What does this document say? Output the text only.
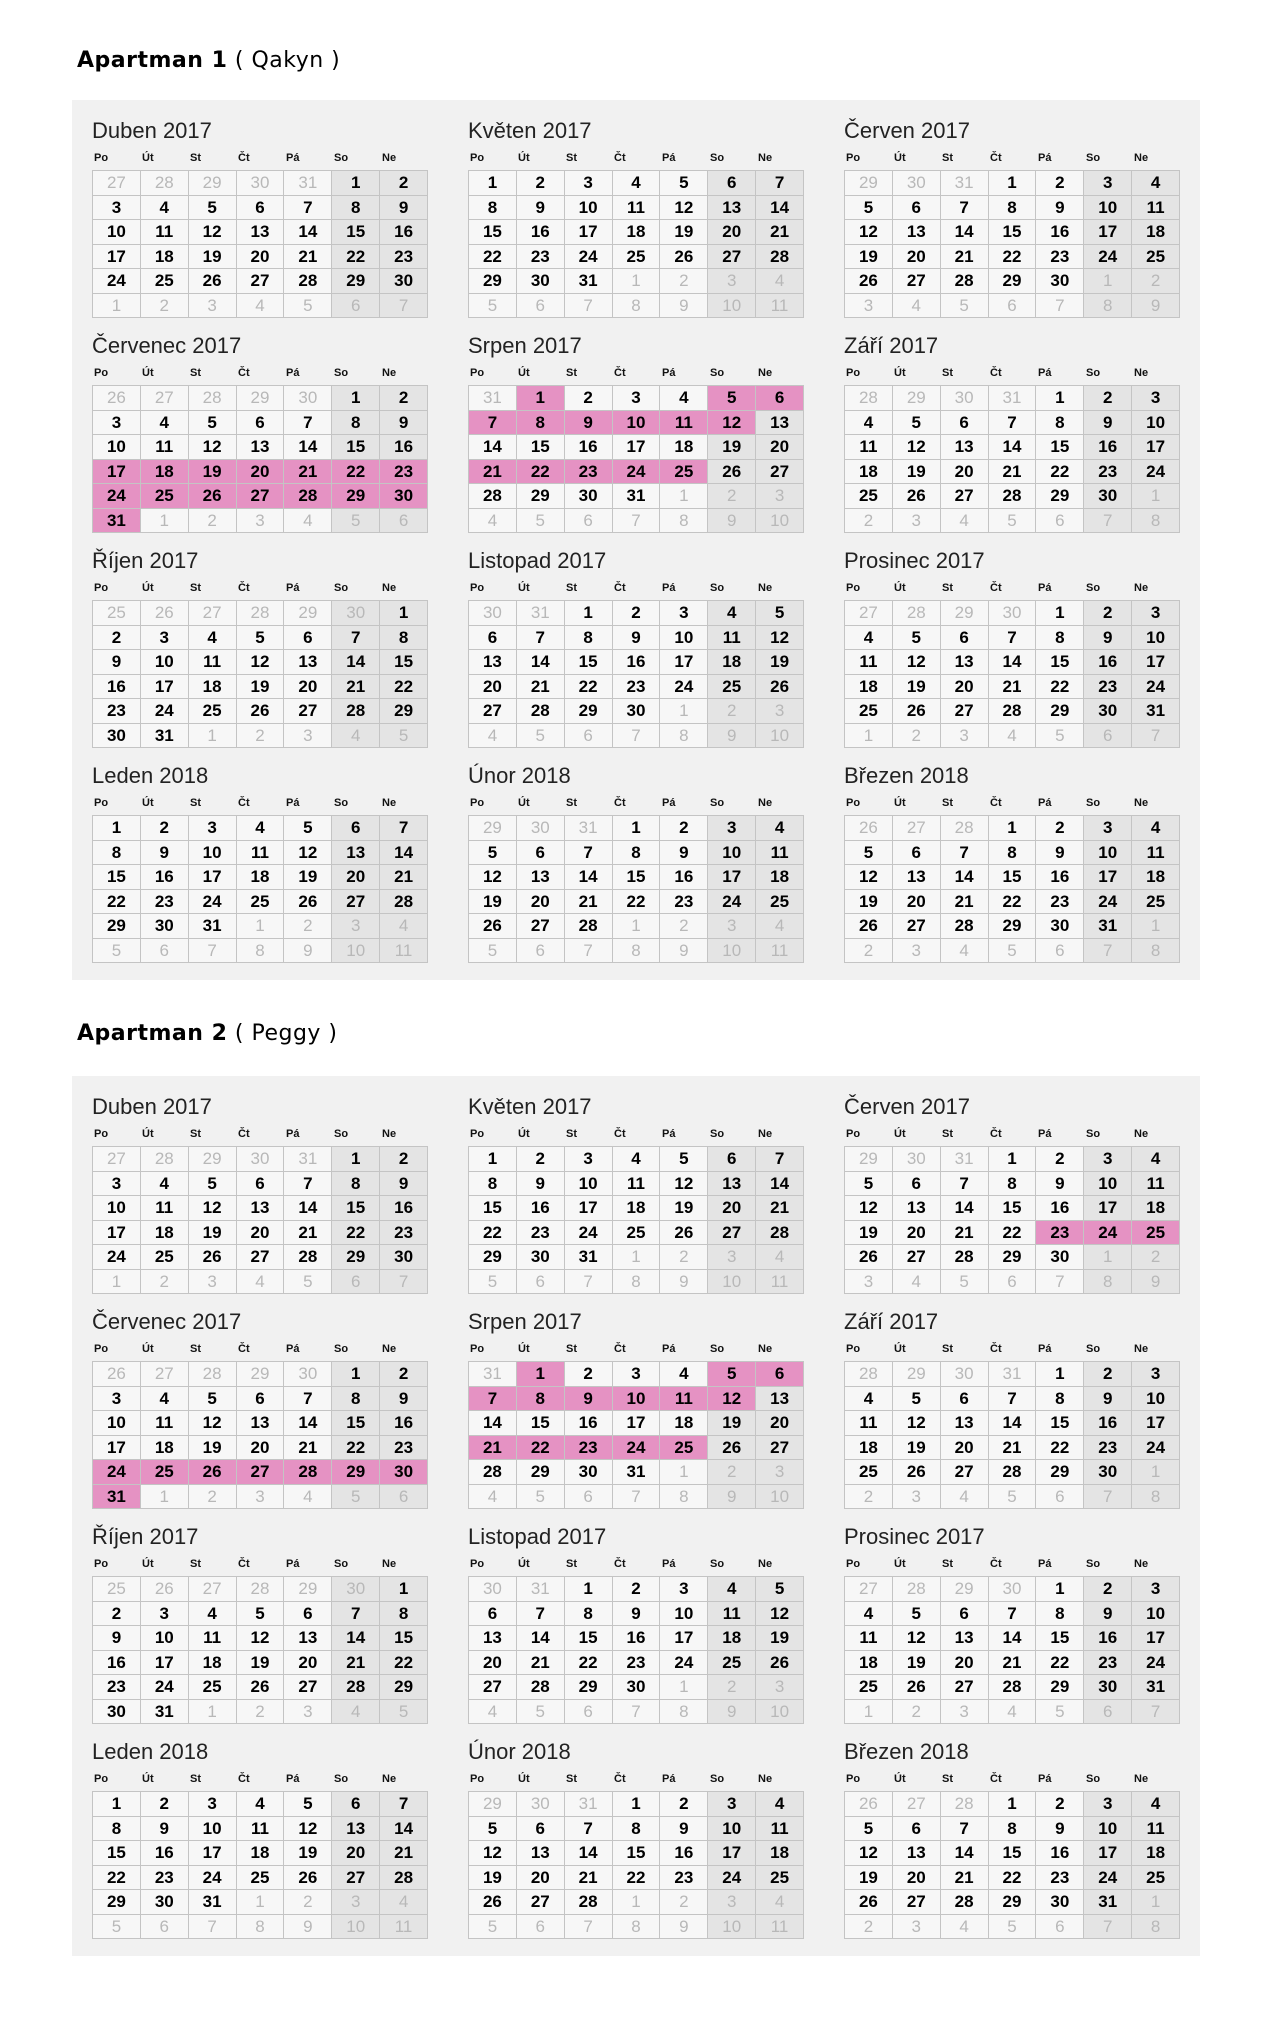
Apartman 1 ( Qakyn )
Duben 2017
Po	Út	St	Čt	Pá	So	Ne
27	28	29	30	31	1	2
3	4	5	6	7	8	9
10	11	12	13	14	15	16
17	18	19	20	21	22	23
24	25	26	27	28	29	30
1	2	3	4	5	6	7
Květen 2017
Po	Út	St	Čt	Pá	So	Ne
1	2	3	4	5	6	7
8	9	10	11	12	13	14
15	16	17	18	19	20	21
22	23	24	25	26	27	28
29	30	31	1	2	3	4
5	6	7	8	9	10	11
Červen 2017
Po	Út	St	Čt	Pá	So	Ne
29	30	31	1	2	3	4
5	6	7	8	9	10	11
12	13	14	15	16	17	18
19	20	21	22	23	24	25
26	27	28	29	30	1	2
3	4	5	6	7	8	9
Červenec 2017
Po	Út	St	Čt	Pá	So	Ne
26	27	28	29	30	1	2
3	4	5	6	7	8	9
10	11	12	13	14	15	16
17	18	19	20	21	22	23
24	25	26	27	28	29	30
31	1	2	3	4	5	6
Srpen 2017
Po	Út	St	Čt	Pá	So	Ne
31	1	2	3	4	5	6
7	8	9	10	11	12	13
14	15	16	17	18	19	20
21	22	23	24	25	26	27
28	29	30	31	1	2	3
4	5	6	7	8	9	10
Září 2017
Po	Út	St	Čt	Pá	So	Ne
28	29	30	31	1	2	3
4	5	6	7	8	9	10
11	12	13	14	15	16	17
18	19	20	21	22	23	24
25	26	27	28	29	30	1
2	3	4	5	6	7	8
Říjen 2017
Po	Út	St	Čt	Pá	So	Ne
25	26	27	28	29	30	1
2	3	4	5	6	7	8
9	10	11	12	13	14	15
16	17	18	19	20	21	22
23	24	25	26	27	28	29
30	31	1	2	3	4	5
Listopad 2017
Po	Út	St	Čt	Pá	So	Ne
30	31	1	2	3	4	5
6	7	8	9	10	11	12
13	14	15	16	17	18	19
20	21	22	23	24	25	26
27	28	29	30	1	2	3
4	5	6	7	8	9	10
Prosinec 2017
Po	Út	St	Čt	Pá	So	Ne
27	28	29	30	1	2	3
4	5	6	7	8	9	10
11	12	13	14	15	16	17
18	19	20	21	22	23	24
25	26	27	28	29	30	31
1	2	3	4	5	6	7
Leden 2018
Po	Út	St	Čt	Pá	So	Ne
1	2	3	4	5	6	7
8	9	10	11	12	13	14
15	16	17	18	19	20	21
22	23	24	25	26	27	28
29	30	31	1	2	3	4
5	6	7	8	9	10	11
Únor 2018
Po	Út	St	Čt	Pá	So	Ne
29	30	31	1	2	3	4
5	6	7	8	9	10	11
12	13	14	15	16	17	18
19	20	21	22	23	24	25
26	27	28	1	2	3	4
5	6	7	8	9	10	11
Březen 2018
Po	Út	St	Čt	Pá	So	Ne
26	27	28	1	2	3	4
5	6	7	8	9	10	11
12	13	14	15	16	17	18
19	20	21	22	23	24	25
26	27	28	29	30	31	1
2	3	4	5	6	7	8
Apartman 2 ( Peggy )
Duben 2017
Po	Út	St	Čt	Pá	So	Ne
27	28	29	30	31	1	2
3	4	5	6	7	8	9
10	11	12	13	14	15	16
17	18	19	20	21	22	23
24	25	26	27	28	29	30
1	2	3	4	5	6	7
Květen 2017
Po	Út	St	Čt	Pá	So	Ne
1	2	3	4	5	6	7
8	9	10	11	12	13	14
15	16	17	18	19	20	21
22	23	24	25	26	27	28
29	30	31	1	2	3	4
5	6	7	8	9	10	11
Červen 2017
Po	Út	St	Čt	Pá	So	Ne
29	30	31	1	2	3	4
5	6	7	8	9	10	11
12	13	14	15	16	17	18
19	20	21	22	23	24	25
26	27	28	29	30	1	2
3	4	5	6	7	8	9
Červenec 2017
Po	Út	St	Čt	Pá	So	Ne
26	27	28	29	30	1	2
3	4	5	6	7	8	9
10	11	12	13	14	15	16
17	18	19	20	21	22	23
24	25	26	27	28	29	30
31	1	2	3	4	5	6
Srpen 2017
Po	Út	St	Čt	Pá	So	Ne
31	1	2	3	4	5	6
7	8	9	10	11	12	13
14	15	16	17	18	19	20
21	22	23	24	25	26	27
28	29	30	31	1	2	3
4	5	6	7	8	9	10
Září 2017
Po	Út	St	Čt	Pá	So	Ne
28	29	30	31	1	2	3
4	5	6	7	8	9	10
11	12	13	14	15	16	17
18	19	20	21	22	23	24
25	26	27	28	29	30	1
2	3	4	5	6	7	8
Říjen 2017
Po	Út	St	Čt	Pá	So	Ne
25	26	27	28	29	30	1
2	3	4	5	6	7	8
9	10	11	12	13	14	15
16	17	18	19	20	21	22
23	24	25	26	27	28	29
30	31	1	2	3	4	5
Listopad 2017
Po	Út	St	Čt	Pá	So	Ne
30	31	1	2	3	4	5
6	7	8	9	10	11	12
13	14	15	16	17	18	19
20	21	22	23	24	25	26
27	28	29	30	1	2	3
4	5	6	7	8	9	10
Prosinec 2017
Po	Út	St	Čt	Pá	So	Ne
27	28	29	30	1	2	3
4	5	6	7	8	9	10
11	12	13	14	15	16	17
18	19	20	21	22	23	24
25	26	27	28	29	30	31
1	2	3	4	5	6	7
Leden 2018
Po	Út	St	Čt	Pá	So	Ne
1	2	3	4	5	6	7
8	9	10	11	12	13	14
15	16	17	18	19	20	21
22	23	24	25	26	27	28
29	30	31	1	2	3	4
5	6	7	8	9	10	11
Únor 2018
Po	Út	St	Čt	Pá	So	Ne
29	30	31	1	2	3	4
5	6	7	8	9	10	11
12	13	14	15	16	17	18
19	20	21	22	23	24	25
26	27	28	1	2	3	4
5	6	7	8	9	10	11
Březen 2018
Po	Út	St	Čt	Pá	So	Ne
26	27	28	1	2	3	4
5	6	7	8	9	10	11
12	13	14	15	16	17	18
19	20	21	22	23	24	25
26	27	28	29	30	31	1
2	3	4	5	6	7	8
